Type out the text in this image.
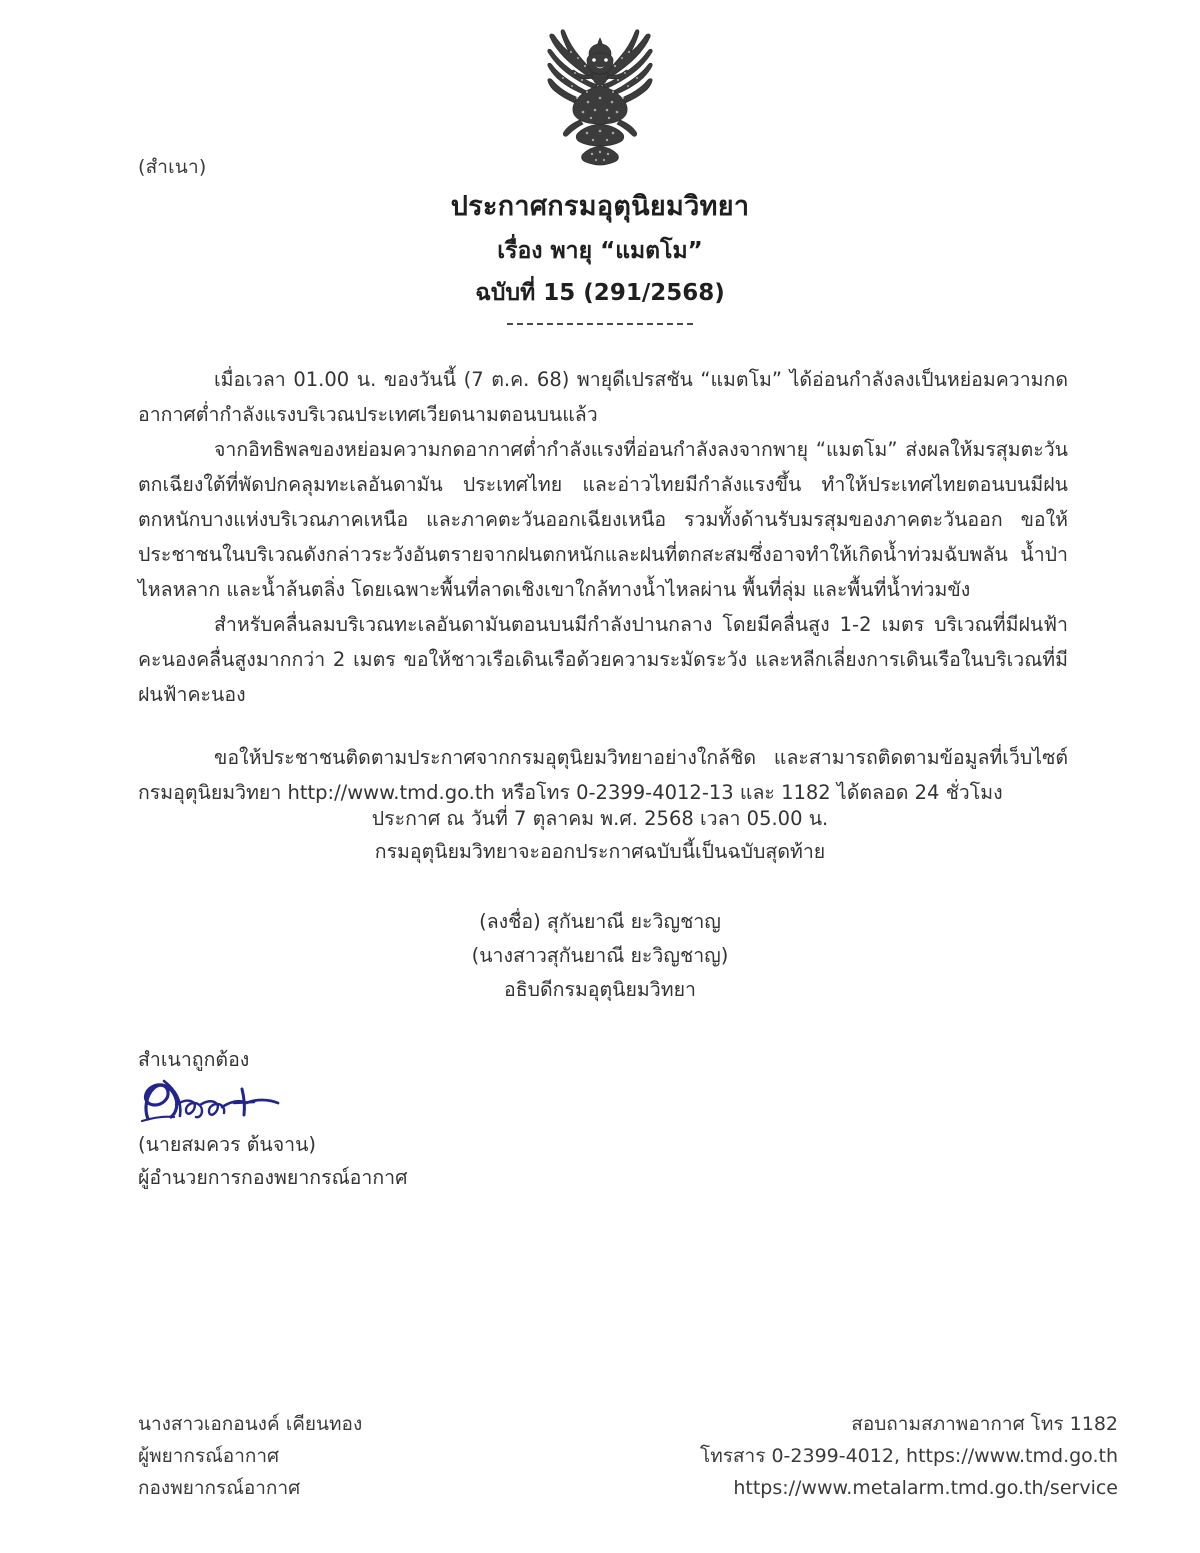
(สำเนา)
ประกาศกรมอุตุนิยมวิทยา
เรื่อง พายุ “แมตโม”
ฉบับที่ 15 (291/2568)

เมื่อเวลา 01.00 น. ของวันนี้ (7 ต.ค. 68) พายุดีเปรสชัน “แมตโม” ได้อ่อนกำลังลงเป็นหย่อมความกดอากาศต่ำกำลังแรงบริเวณประเทศเวียดนามตอนบนแล้ว

จากอิทธิพลของหย่อมความกดอากาศต่ำกำลังแรงที่อ่อนกำลังลงจากพายุ “แมตโม” ส่งผลให้มรสุมตะวันตกเฉียงใต้ที่พัดปกคลุมทะเลอันดามัน ประเทศไทย และอ่าวไทยมีกำลังแรงขึ้น ทำให้ประเทศไทยตอนบนมีฝนตกหนักบางแห่งบริเวณภาคเหนือ และภาคตะวันออกเฉียงเหนือ รวมทั้งด้านรับมรสุมของภาคตะวันออก ขอให้ประชาชนในบริเวณดังกล่าวระวังอันตรายจากฝนตกหนักและฝนที่ตกสะสมซึ่งอาจทำให้เกิดน้ำท่วมฉับพลัน น้ำป่าไหลหลาก และน้ำล้นตลิ่ง โดยเฉพาะพื้นที่ลาดเชิงเขาใกล้ทางน้ำไหลผ่าน พื้นที่ลุ่ม และพื้นที่น้ำท่วมขัง

สำหรับคลื่นลมบริเวณทะเลอันดามันตอนบนมีกำลังปานกลาง โดยมีคลื่นสูง 1-2 เมตร บริเวณที่มีฝนฟ้าคะนองคลื่นสูงมากกว่า 2 เมตร ขอให้ชาวเรือเดินเรือด้วยความระมัดระวัง และหลีกเลี่ยงการเดินเรือในบริเวณที่มีฝนฟ้าคะนอง

ขอให้ประชาชนติดตามประกาศจากกรมอุตุนิยมวิทยาอย่างใกล้ชิด และสามารถติดตามข้อมูลที่เว็บไซต์ กรมอุตุนิยมวิทยา http://www.tmd.go.th หรือโทร 0-2399-4012-13 และ 1182 ได้ตลอด 24 ชั่วโมง

ประกาศ ณ วันที่ 7 ตุลาคม พ.ศ. 2568 เวลา 05.00 น.
กรมอุตุนิยมวิทยาจะออกประกาศฉบับนี้เป็นฉบับสุดท้าย
(ลงชื่อ) สุกันยาณี ยะวิญชาญ
(นางสาวสุกันยาณี ยะวิญชาญ)
อธิบดีกรมอุตุนิยมวิทยา
สำเนาถูกต้อง
(นายสมควร ต้นจาน)
ผู้อำนวยการกองพยากรณ์อากาศ
นางสาวเอกอนงค์ เคียนทอง
ผู้พยากรณ์อากาศ
กองพยากรณ์อากาศ
สอบถามสภาพอากาศ โทร 1182
โทรสาร 0-2399-4012, https://www.tmd.go.th
https://www.metalarm.tmd.go.th/service
